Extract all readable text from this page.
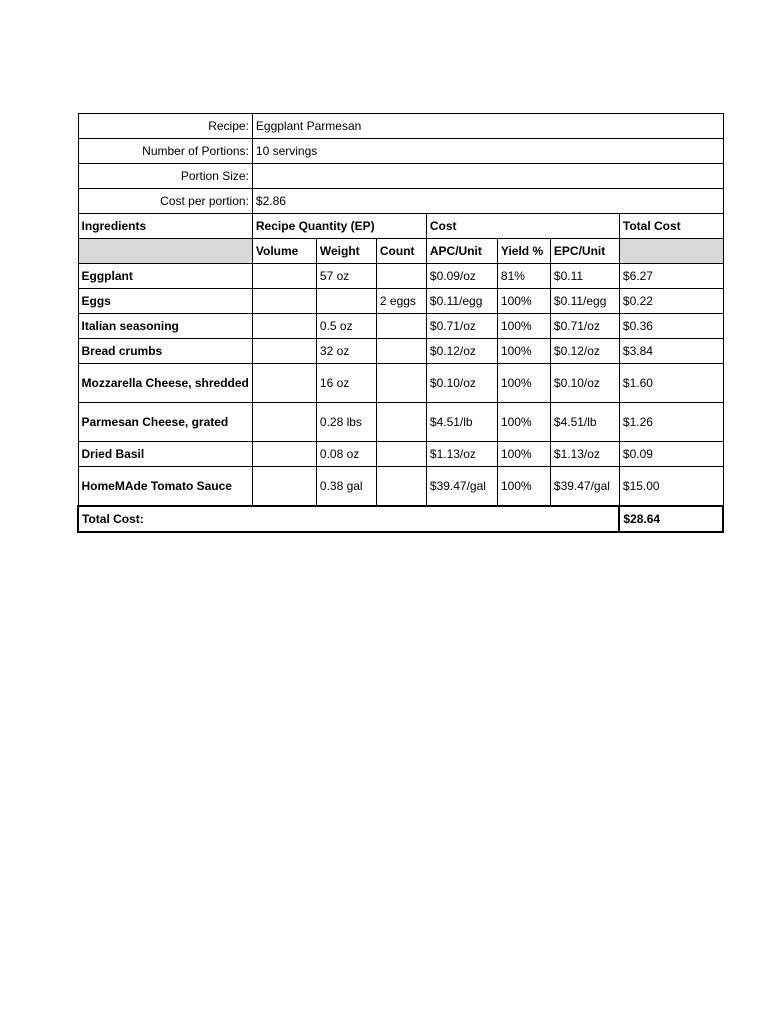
Recipe:	Eggplant Parmesan						
Number of Portions:	10 servings						
Portion Size:							
Cost per portion:	$2.86						
Ingredients	Recipe Quantity (EP)			Cost			Total Cost
	Volume	Weight	Count	APC/Unit	Yield %	EPC/Unit	
Eggplant		57 oz		$0.09/oz	81%	$0.11	$6.27
Eggs			2 eggs	$0.11/egg	100%	$0.11/egg	$0.22
Italian seasoning		0.5 oz		$0.71/oz	100%	$0.71/oz	$0.36
Bread crumbs		32 oz		$0.12/oz	100%	$0.12/oz	$3.84
Mozzarella Cheese, shredded		16 oz		$0.10/oz	100%	$0.10/oz	$1.60
Parmesan Cheese, grated		0.28 lbs		$4.51/lb	100%	$4.51/lb	$1.26
Dried Basil		0.08 oz		$1.13/oz	100%	$1.13/oz	$0.09
HomeMAde Tomato Sauce		0.38 gal		$39.47/gal	100%	$39.47/gal	$15.00
Total Cost:							$28.64
